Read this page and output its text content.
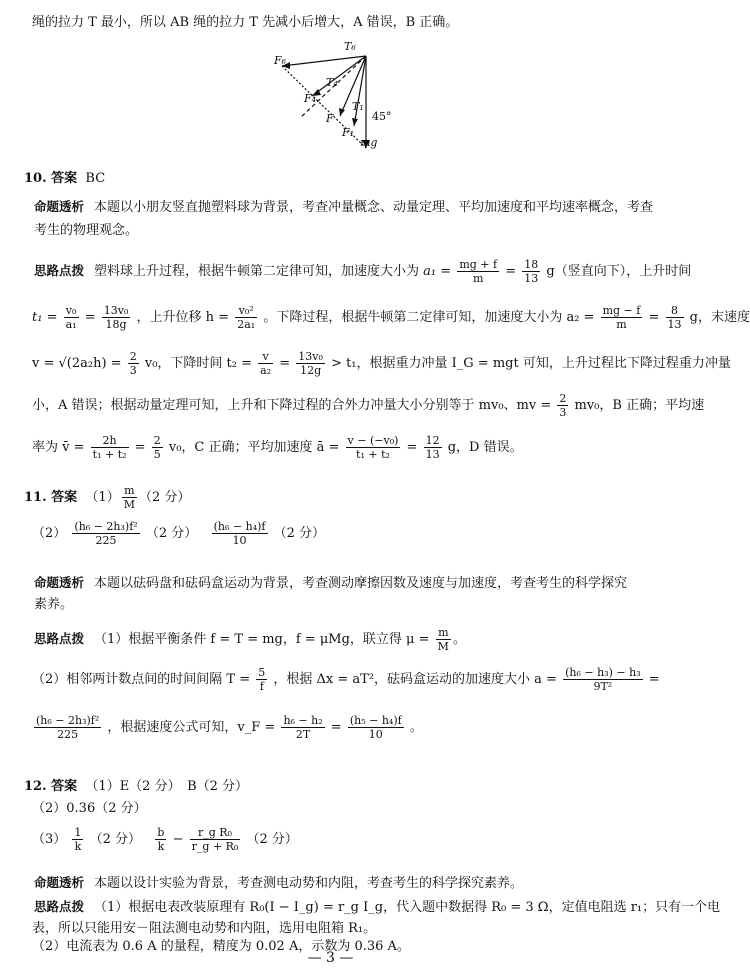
绳的拉力 T 最小，所以 AB 绳的拉力 T 先减小后增大，A 错误，B 正确。
T₆
F₆
T₄
F₄
T₁
F
F₁
45°
mg
10. 答案 BC
命题透析 本题以小朋友竖直抛塑料球为背景，考查冲量概念、动量定理、平均加速度和平均速率概念，考查
考生的物理观念。
思路点拨 塑料球上升过程，根据牛顿第二定律可知，加速度大小为 $a_1 = \frac{mg + f}{m} = \frac{18}{13} g$（竖直向下），上升时间
$t_1 = \frac{\text{v₀}}{\text{a₁}} = \frac{\text{13v₀}}{18g}$ ，上升位移 $h = \frac{\text{v₀²}}{\text{2a₁}}$ 。下降过程，根据牛顿第二定律可知，加速度大小为 $a_2 = \frac{mg - f}{m} = \frac{8}{13}$ g，末速度
$v = √(2a_2h) = \frac{2}{3} v_0$，下降时间 $t_2 = \frac{v}{\text{a₂}} = \frac{\text{13v₀}}{12g} > t_1$，根据重力冲量 I_G = mgt 可知，上升过程比下降过程重力冲量
小，A 错误；根据动量定理可知，上升和下降过程的合外力冲量大小分别等于 mv₀、mv = $\frac{2}{3} mv_0$，B 正确；平均速
率为 v̄ = $\frac{2h}{\text{t₁ + t₂}} = \frac{2}{5} v_0$，C 正确；平均加速度 ā = $\frac{\text{v − (−v₀)}}{\text{t₁ + t₂}} = \frac{12}{13}$ g，D 错误。
11. 答案 $(1) \frac{m}{M} (2$ 分）
$(2) \frac{\text{(h₆ − 2h₃)f²}}{225} (2$ 分） $\frac{\text{(h₆ − h₄)f}}{10} (2$ 分）
命题透析 本题以砝码盘和砝码盒运动为背景，考查测动摩擦因数及速度与加速度，考查考生的科学探究
素养。
思路点拨 （1）根据平衡条件 f = T = mg，f = μMg，联立得 $\mu = \frac{m}{M}$ 。
（2）相邻两计数点间的时间间隔 $T = \frac{5}{f}$ ，根据 Δx = aT²，砝码盒运动的加速度大小 $a = \frac{\text{(h₆ − h₃) − h₃}}{\text{9T²}}$ =
$\frac{\text{(h₆ − 2h₃)f²}}{225}$ ，根据速度公式可知，v_F = $\frac{\text{h₆ − h₂}}{2T} = \frac{\text{(h₅ − h₄)f}}{10}$ 。
12. 答案 （1）E（2 分）　B（2 分）
（2）0.36（2 分）
$(3) \frac{1}{k} (2$ 分） $\frac{b}{k} - \frac{\text{r\_g R₀}}{\text{r\_g + R₀}} (2$ 分）
命题透析 本题以设计实验为背景，考查测电动势和内阻，考查考生的科学探究素养。
思路点拨 （1）根据电表改装原理有 R₀(I − I_g) = r_g I_g，代入题中数据得 R₀ = 3 Ω，定值电阻选 r₁；只有一个电
表，所以只能用安－阻法测电动势和内阻，选用电阻箱 R₁。
（2）电流表为 0.6 A 的量程，精度为 0.02 A，示数为 0.36 A。
— 3 —
